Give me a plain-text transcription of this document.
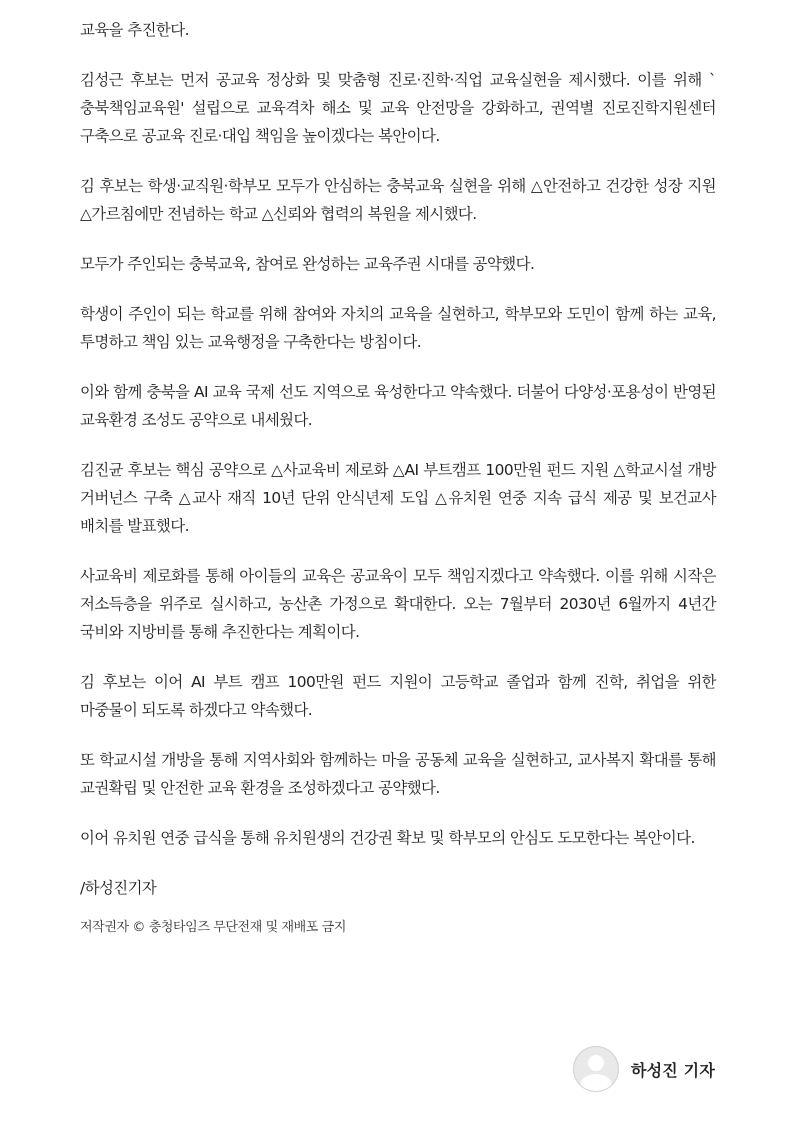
교육을 추진한다.

김성근 후보는 먼저 공교육 정상화 및 맞춤형 진로·진학·직업 교육실현을 제시했다. 이를 위해 `충북책임교육원' 설립으로 교육격차 해소 및 교육 안전망을 강화하고, 권역별 진로진학지원센터 구축으로 공교육 진로·대입 책임을 높이겠다는 복안이다.

김 후보는 학생·교직원·학부모 모두가 안심하는 충북교육 실현을 위해 △안전하고 건강한 성장 지원 △가르침에만 전념하는 학교 △신뢰와 협력의 복원을 제시했다.

모두가 주인되는 충북교육, 참여로 완성하는 교육주권 시대를 공약했다.

학생이 주인이 되는 학교를 위해 참여와 자치의 교육을 실현하고, 학부모와 도민이 함께 하는 교육, 투명하고 책임 있는 교육행정을 구축한다는 방침이다.

이와 함께 충북을 AI 교육 국제 선도 지역으로 육성한다고 약속했다. 더불어 다양성·포용성이 반영된 교육환경 조성도 공약으로 내세웠다.

김진균 후보는 핵심 공약으로 △사교육비 제로화 △AI 부트캠프 100만원 펀드 지원 △학교시설 개방 거버넌스 구축 △교사 재직 10년 단위 안식년제 도입 △유치원 연중 지속 급식 제공 및 보건교사 배치를 발표했다.

사교육비 제로화를 통해 아이들의 교육은 공교육이 모두 책임지겠다고 약속했다. 이를 위해 시작은 저소득층을 위주로 실시하고, 농산촌 가정으로 확대한다. 오는 7월부터 2030년 6월까지 4년간 국비와 지방비를 통해 추진한다는 계획이다.

김 후보는 이어 AI 부트 캠프 100만원 펀드 지원이 고등학교 졸업과 함께 진학, 취업을 위한 마중물이 되도록 하겠다고 약속했다.

또 학교시설 개방을 통해 지역사회와 함께하는 마을 공동체 교육을 실현하고, 교사복지 확대를 통해 교권확립 및 안전한 교육 환경을 조성하겠다고 공약했다.

이어 유치원 연중 급식을 통해 유치원생의 건강권 확보 및 학부모의 안심도 도모한다는 복안이다.

/하성진기자

저작권자 © 충청타임즈 무단전재 및 재배포 금지

하성진 기자
